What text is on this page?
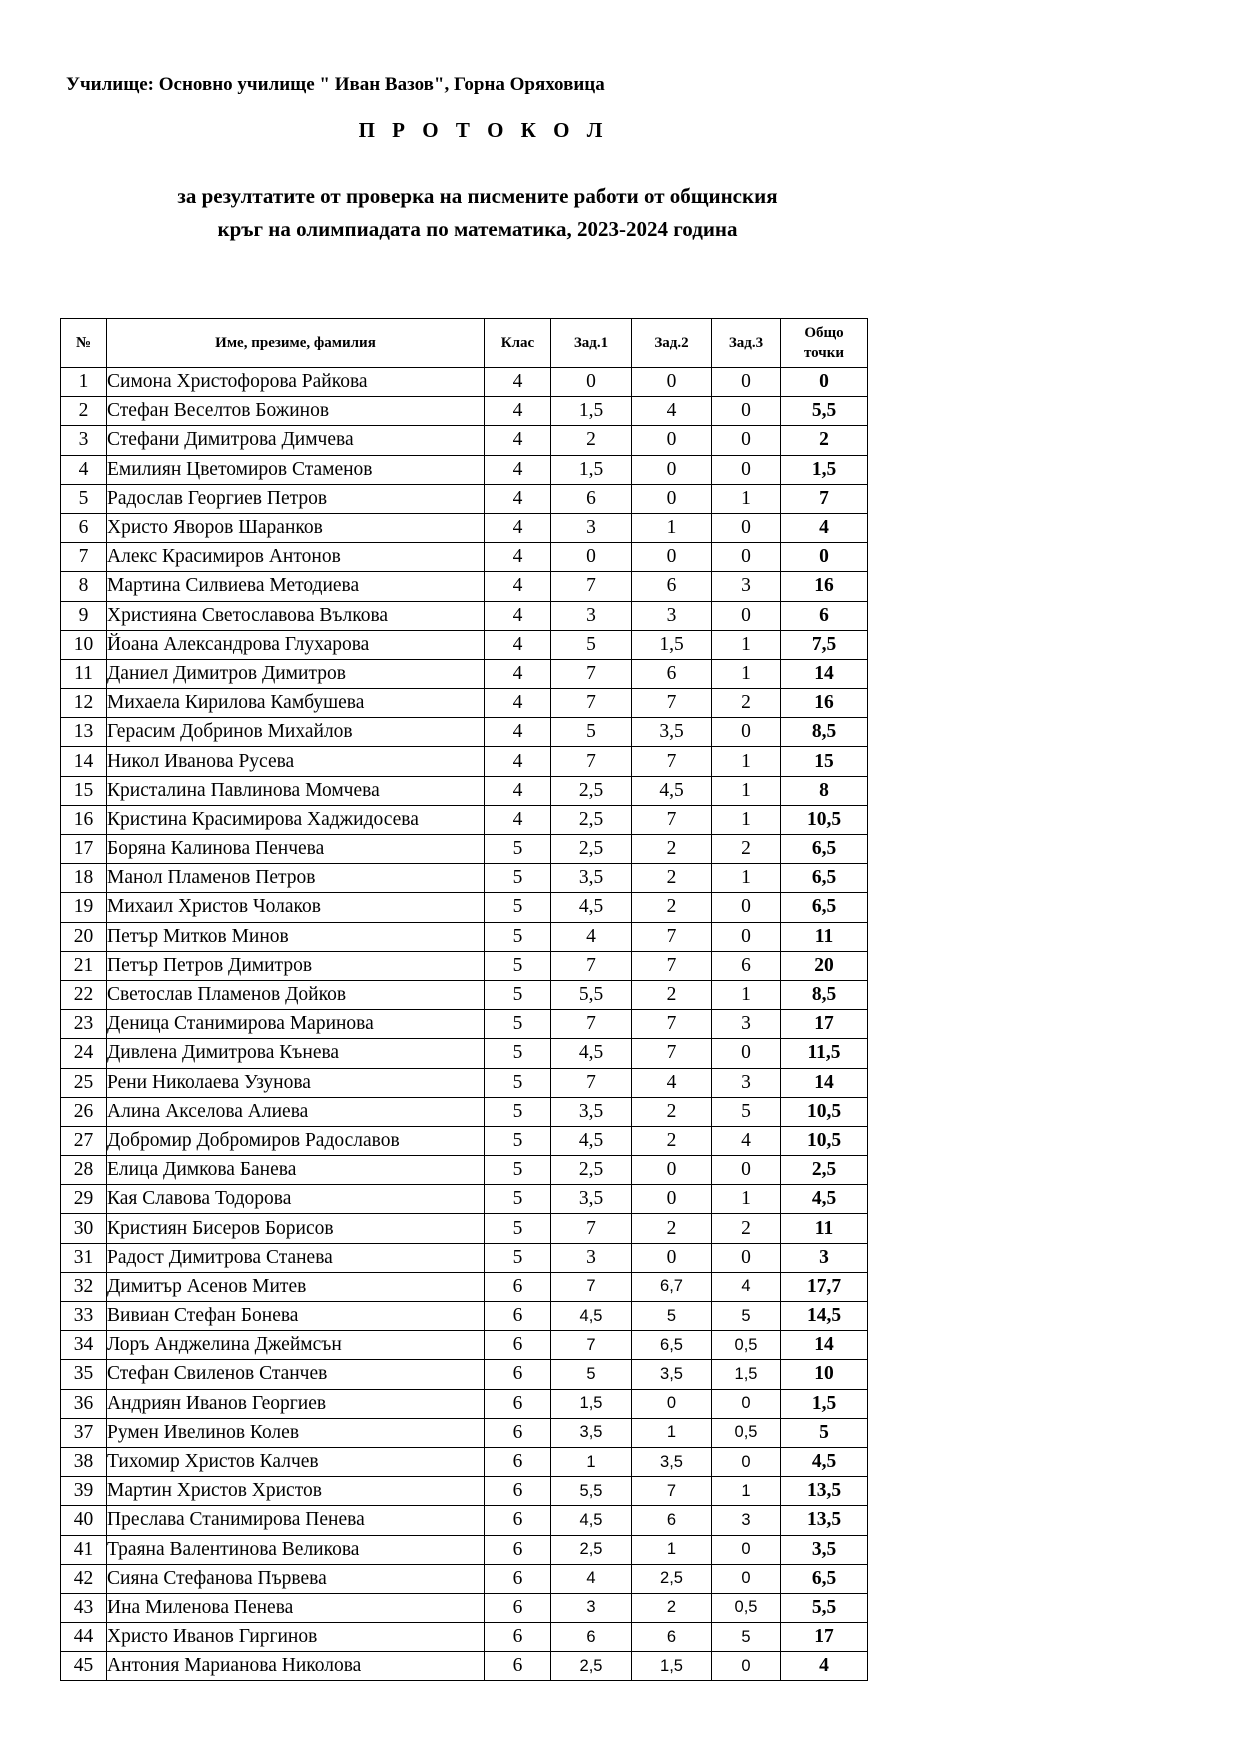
Училище: Основно училище " Иван Вазов", Горна Оряховица
П Р О Т О К О Л
за резултатите от проверка на писмените работи от общинския
кръг на олимпиадата по математика, 2023-2024 година
№	Име, презиме, фамилия	Клас	Зад.1	Зад.2	Зад.3	Общо
точки

1	Симона Христофорова Райкова	4	0	0	0	0
2	Стефан Веселтов Божинов	4	1,5	4	0	5,5
3	Стефани Димитрова Димчева	4	2	0	0	2
4	Емилиян Цветомиров Стаменов	4	1,5	0	0	1,5
5	Радослав Георгиев Петров	4	6	0	1	7
6	Христо Яворов Шаранков	4	3	1	0	4
7	Алекс Красимиров Антонов	4	0	0	0	0
8	Мартина Силвиева Методиева	4	7	6	3	16
9	Християна Светославова Вълкова	4	3	3	0	6
10	Йоана Александрова Глухарова	4	5	1,5	1	7,5
11	Даниел Димитров Димитров	4	7	6	1	14
12	Михаела Кирилова Камбушева	4	7	7	2	16
13	Герасим Добринов Михайлов	4	5	3,5	0	8,5
14	Никол Иванова Русева	4	7	7	1	15
15	Кристалина Павлинова Момчева	4	2,5	4,5	1	8
16	Кристина Красимирова Хаджидосева	4	2,5	7	1	10,5
17	Боряна Калинова Пенчева	5	2,5	2	2	6,5
18	Манол Пламенов Петров	5	3,5	2	1	6,5
19	Михаил Христов Чолаков	5	4,5	2	0	6,5
20	Петър Митков Минов	5	4	7	0	11
21	Петър Петров Димитров	5	7	7	6	20
22	Светослав Пламенов Дойков	5	5,5	2	1	8,5
23	Деница Станимирова Маринова	5	7	7	3	17
24	Дивлена Димитрова Кънева	5	4,5	7	0	11,5
25	Рени Николаева Узунова	5	7	4	3	14
26	Алина Акселова Алиева	5	3,5	2	5	10,5
27	Добромир Добромиров Радославов	5	4,5	2	4	10,5
28	Елица Димкова Банева	5	2,5	0	0	2,5
29	Кая Славова Тодорова	5	3,5	0	1	4,5
30	Кристиян Бисеров Борисов	5	7	2	2	11
31	Радост Димитрова Станева	5	3	0	0	3
32	Димитър Асенов Митев	6	7	6,7	4	17,7
33	Вивиан Стефан Бонева	6	4,5	5	5	14,5
34	Лоръ Анджелина Джеймсън	6	7	6,5	0,5	14
35	Стефан Свиленов Станчев	6	5	3,5	1,5	10
36	Андриян Иванов Георгиев	6	1,5	0	0	1,5
37	Румен Ивелинов Колев	6	3,5	1	0,5	5
38	Тихомир Христов Калчев	6	1	3,5	0	4,5
39	Мартин Христов Христов	6	5,5	7	1	13,5
40	Преслава Станимирова Пенева	6	4,5	6	3	13,5
41	Траяна Валентинова Великова	6	2,5	1	0	3,5
42	Сияна Стефанова Първева	6	4	2,5	0	6,5
43	Ина Миленова Пенева	6	3	2	0,5	5,5
44	Христо Иванов Гиргинов	6	6	6	5	17
45	Антония Марианова Николова	6	2,5	1,5	0	4
